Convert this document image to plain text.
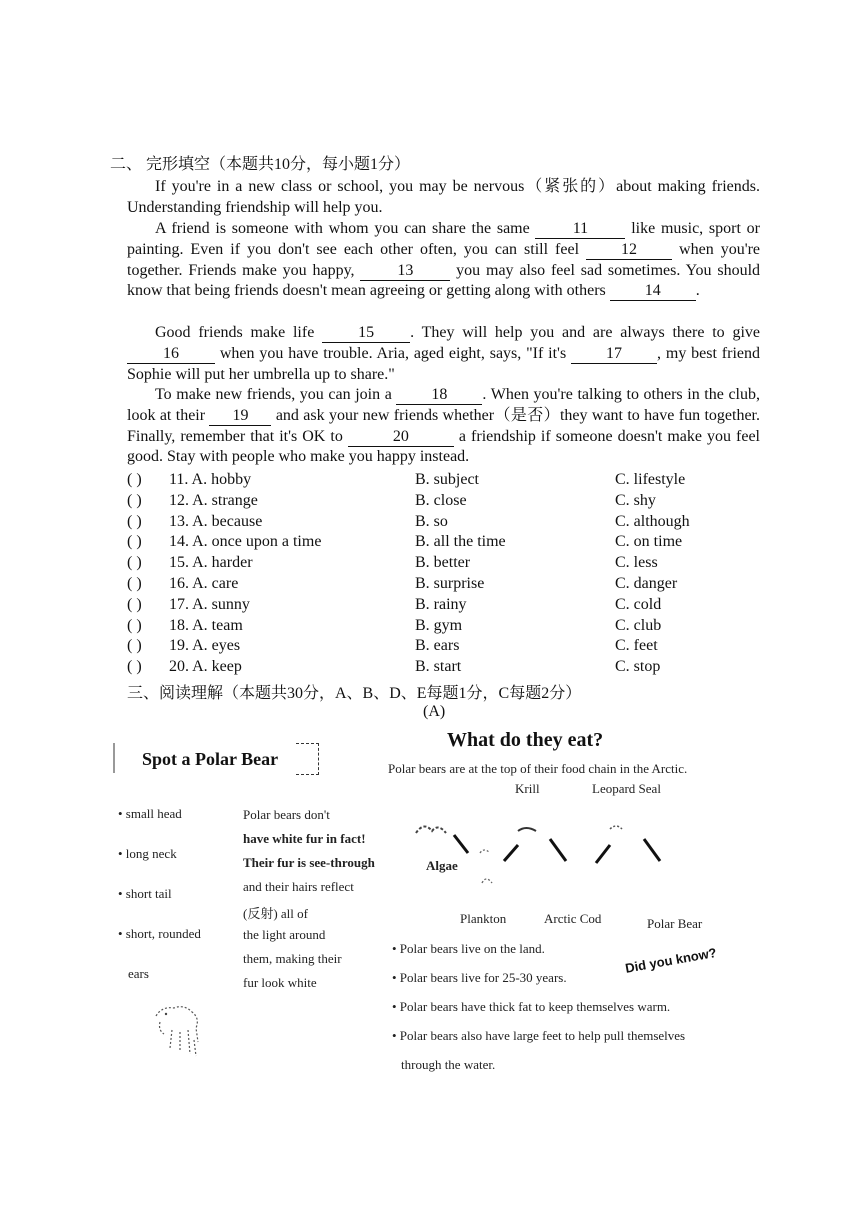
二、 完形填空（本题共10分，每小题1分）
If you're in a new class or school, you may be nervous（紧张的）about making friends. Understanding friendship will help you.
A friend is someone with whom you can share the same 11 like music, sport or painting. Even if you don't see each other often, you can still feel 12 when you're together. Friends make you happy, 13 you may also feel sad sometimes. You should know that being friends doesn't mean agreeing or getting along with others 14 .
Good friends make life 15 . They will help you and are always there to give 16 when you have trouble. Aria, aged eight, says, "If it's 17 , my best friend Sophie will put her umbrella up to share."
To make new friends, you can join a 18 . When you're talking to others in the club, look at their 19 and ask your new friends whether（是否）they want to have fun together. Finally, remember that it's OK to	20	a friendship if someone doesn't make you feel good. Stay with people who make you happy instead.
( ) 11. A. hobby	B. subject	C. lifestyle
( ) 12. A. strange	B. close	C. shy
( ) 13. A. because	B. so	C. although
( ) 14. A. once upon a time	B. all the time	C. on time
( ) 15. A. harder	B. better	C. less
( ) 16. A. care	B. surprise	C. danger
( ) 17. A. sunny	B. rainy	C. cold
( ) 18. A. team	B. gym	C. club
( ) 19. A. eyes	B. ears	C. feet
( ) 20. A. keep	B. start	C. stop
三、阅读理解（本题共30分，A、B、D、E每题1分，C每题2分）
(A)
Spot a Polar Bear
• small head
• long neck
• short tail
• short, rounded
ears
Polar bears don't
have white fur in fact!
Their fur is see-through
and their hairs reflect
(反射) all of
the light around
them, making their
fur look white
What do they eat?
Polar bears are at the top of their food chain in the Arctic.
Krill	Leopard Seal
Algae
Plankton	Arctic Cod	Polar Bear
• Polar bears live on the land.
• Polar bears live for 25-30 years.
• Polar bears have thick fat to keep themselves warm.
• Polar bears also have large feet to help pull themselves
through the water.
Did you know?
